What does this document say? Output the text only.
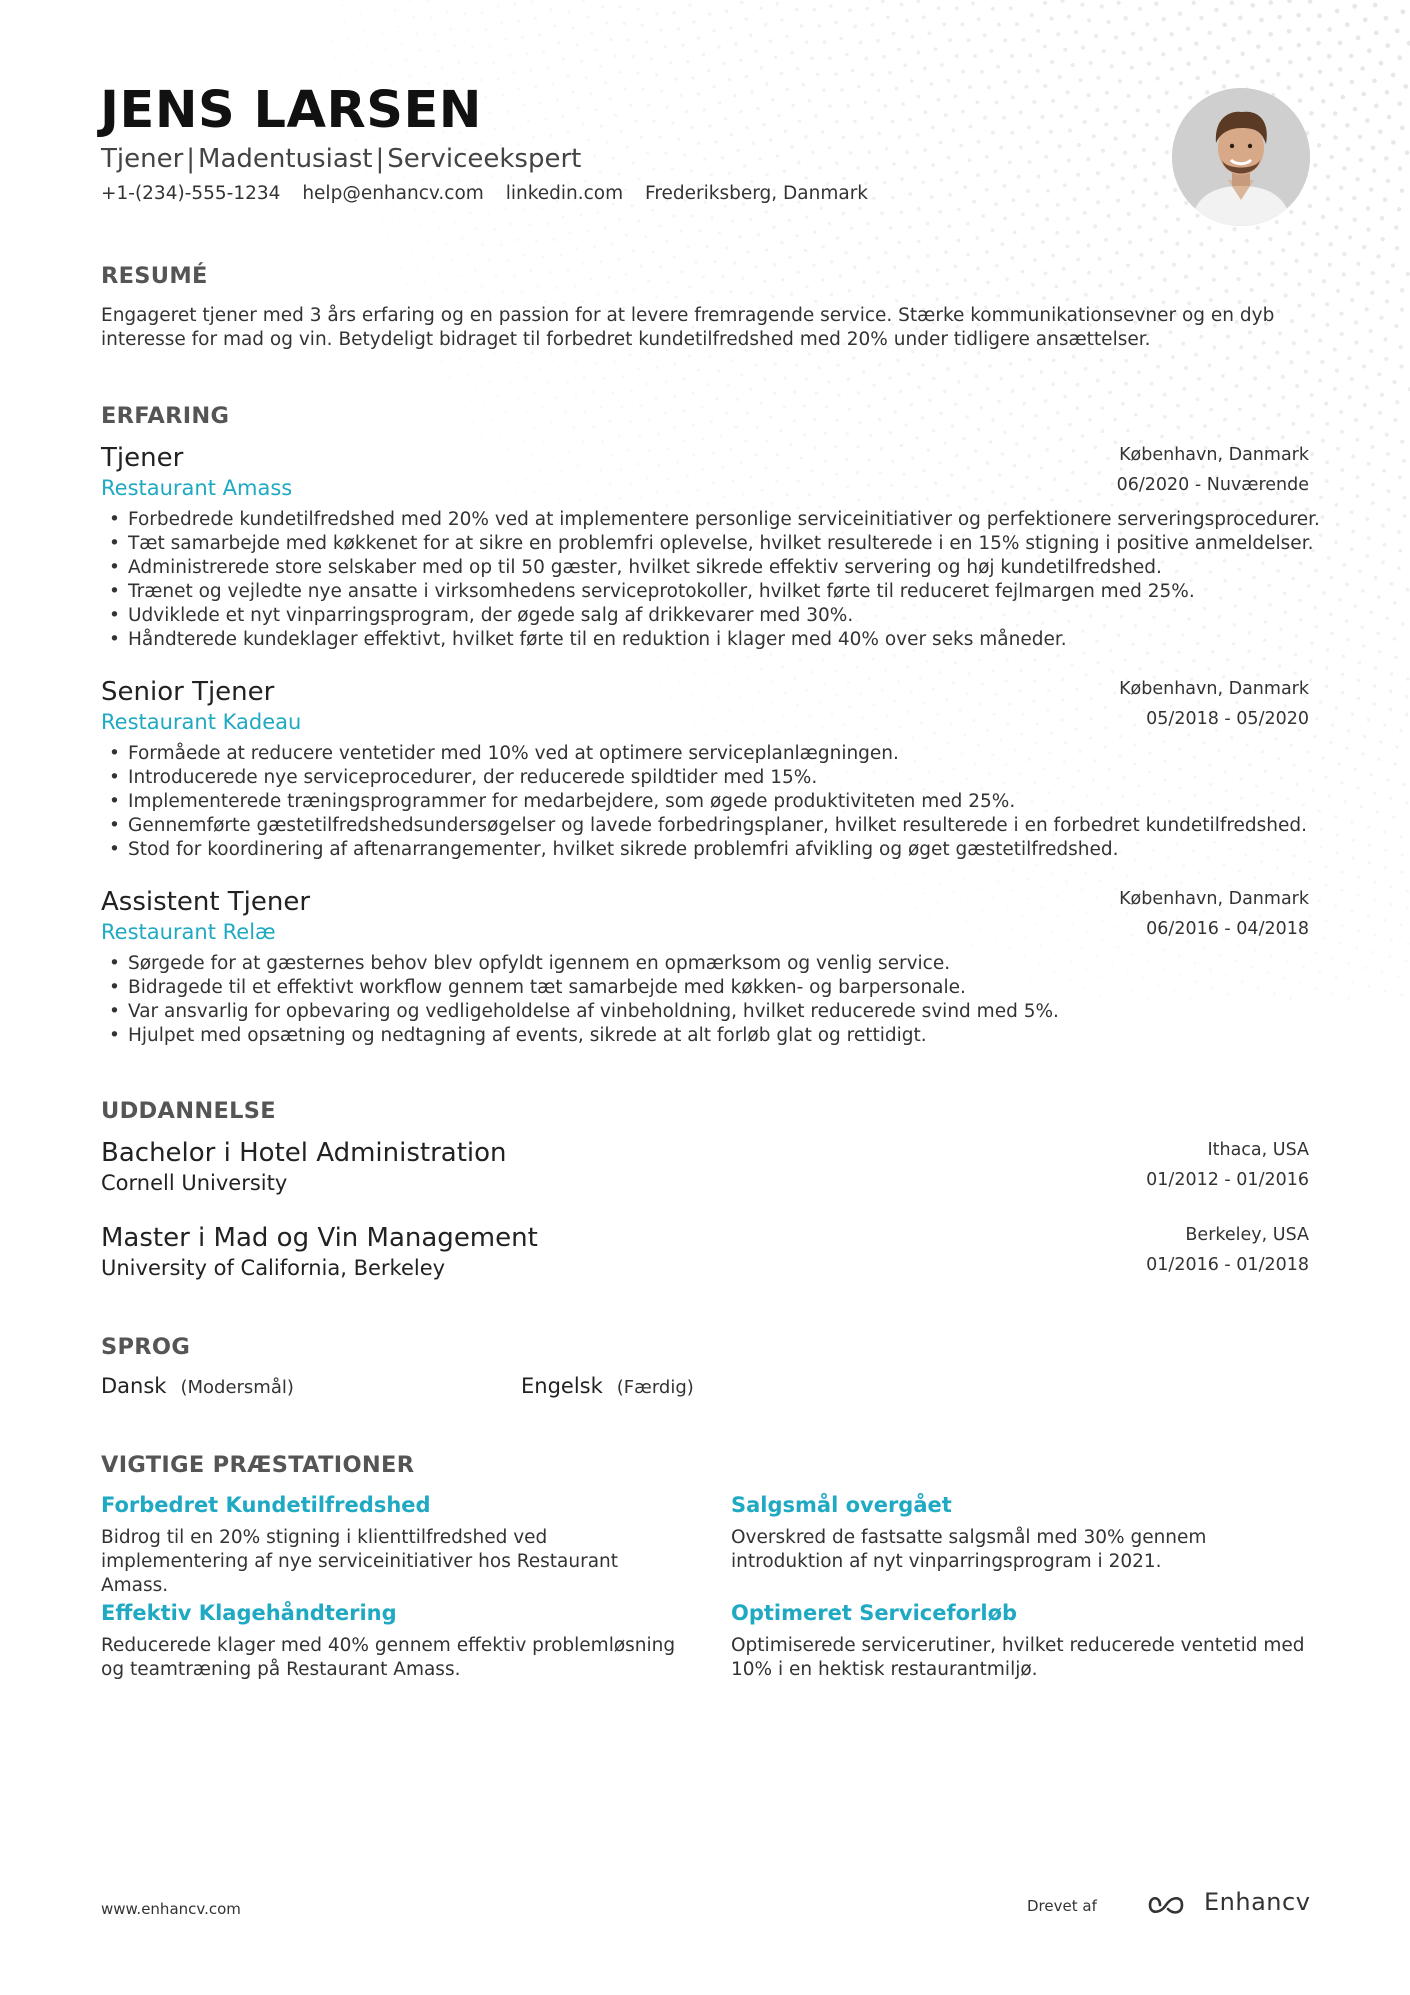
JENS LARSEN
Tjener | Madentusiast | Serviceekspert
+1-(234)-555-1234 help@enhancv.com linkedin.com Frederiksberg, Danmark
RESUMÉ

Engageret tjener med 3 års erfaring og en passion for at levere fremragende service. Stærke kommunikationsevner og en dyb
interesse for mad og vin. Betydeligt bidraget til forbedret kundetilfredshed med 20% under tidligere ansættelser.

ERFARING
Tjener
Restaurant Amass
København, Danmark
06/2020 - Nuværende
• Forbedrede kundetilfredshed med 20% ved at implementere personlige serviceinitiativer og perfektionere serveringsprocedurer.
• Tæt samarbejde med køkkenet for at sikre en problemfri oplevelse, hvilket resulterede i en 15% stigning i positive anmeldelser.
• Administrerede store selskaber med op til 50 gæster, hvilket sikrede effektiv servering og høj kundetilfredshed.
• Trænet og vejledte nye ansatte i virksomhedens serviceprotokoller, hvilket førte til reduceret fejlmargen med 25%.
• Udviklede et nyt vinparringsprogram, der øgede salg af drikkevarer med 30%.
• Håndterede kundeklager effektivt, hvilket førte til en reduktion i klager med 40% over seks måneder.
Senior Tjener
Restaurant Kadeau
København, Danmark
05/2018 - 05/2020
• Formåede at reducere ventetider med 10% ved at optimere serviceplanlægningen.
• Introducerede nye serviceprocedurer, der reducerede spildtider med 15%.
• Implementerede træningsprogrammer for medarbejdere, som øgede produktiviteten med 25%.
• Gennemførte gæstetilfredshedsundersøgelser og lavede forbedringsplaner, hvilket resulterede i en forbedret kundetilfredshed.
• Stod for koordinering af aftenarrangementer, hvilket sikrede problemfri afvikling og øget gæstetilfredshed.
Assistent Tjener
Restaurant Relæ
København, Danmark
06/2016 - 04/2018
• Sørgede for at gæsternes behov blev opfyldt igennem en opmærksom og venlig service.
• Bidragede til et effektivt workflow gennem tæt samarbejde med køkken- og barpersonale.
• Var ansvarlig for opbevaring og vedligeholdelse af vinbeholdning, hvilket reducerede svind med 5%.
• Hjulpet med opsætning og nedtagning af events, sikrede at alt forløb glat og rettidigt.
UDDANNELSE
Bachelor i Hotel Administration
Cornell University
Ithaca, USA
01/2012 - 01/2016
Master i Mad og Vin Management
University of California, Berkeley
Berkeley, USA
01/2016 - 01/2018
SPROG
Dansk (Modersmål)	Engelsk (Færdig)
VIGTIGE PRÆSTATIONER
Forbedret Kundetilfredshed

Bidrog til en 20% stigning i klienttilfredshed ved
implementering af nye serviceinitiativer hos Restaurant Amass.

Salgsmål overgået

Overskred de fastsatte salgsmål med 30% gennem
introduktion af nyt vinparringsprogram i 2021.

Effektiv Klagehåndtering

Reducerede klager med 40% gennem effektiv problemløsning
og teamtræning på Restaurant Amass.

Optimeret Serviceforløb

Optimiserede servicerutiner, hvilket reducerede ventetid med
10% i en hektisk restaurantmiljø.

www.enhancv.com	Drevet af	Enhancv
